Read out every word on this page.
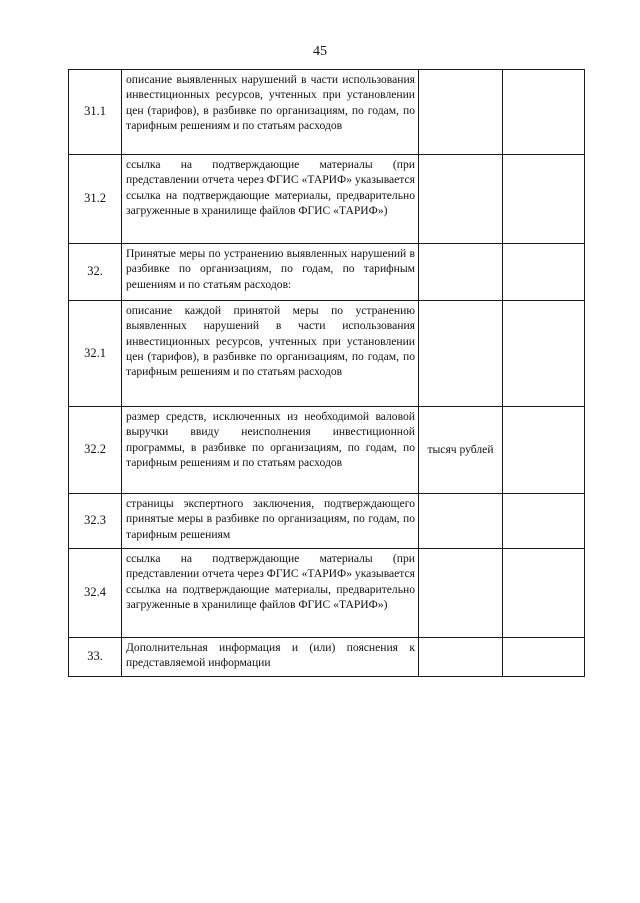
45
31.1	описание выявленных нарушений в части использования инвестиционных ресурсов, учтенных при установлении цен (тарифов), в разбивке по организациям, по годам, по тарифным решениям и по статьям расходов		
31.2	ссылка на подтверждающие материалы (при представлении отчета через ФГИС «ТАРИФ» указывается ссылка на подтверждающие материалы, предварительно загруженные в хранилище файлов ФГИС «ТАРИФ»)		
32.	Принятые меры по устранению выявленных нарушений в разбивке по организациям, по годам, по тарифным решениям и по статьям расходов:		
32.1	описание каждой принятой меры по устранению выявленных нарушений в части использования инвестиционных ресурсов, учтенных при установлении цен (тарифов), в разбивке по организациям, по годам, по тарифным решениям и по статьям расходов		
32.2	размер средств, исключенных из необходимой валовой выручки ввиду неисполнения инвестиционной программы, в разбивке по организациям, по годам, по тарифным решениям и по статьям расходов	тысяч рублей	
32.3	страницы экспертного заключения, подтверждающего принятые меры в разбивке по организациям, по годам, по тарифным решениям		
32.4	ссылка на подтверждающие материалы (при представлении отчета через ФГИС «ТАРИФ» указывается ссылка на подтверждающие материалы, предварительно загруженные в хранилище файлов ФГИС «ТАРИФ»)		
33.	Дополнительная информация и (или) пояснения к представляемой информации		
